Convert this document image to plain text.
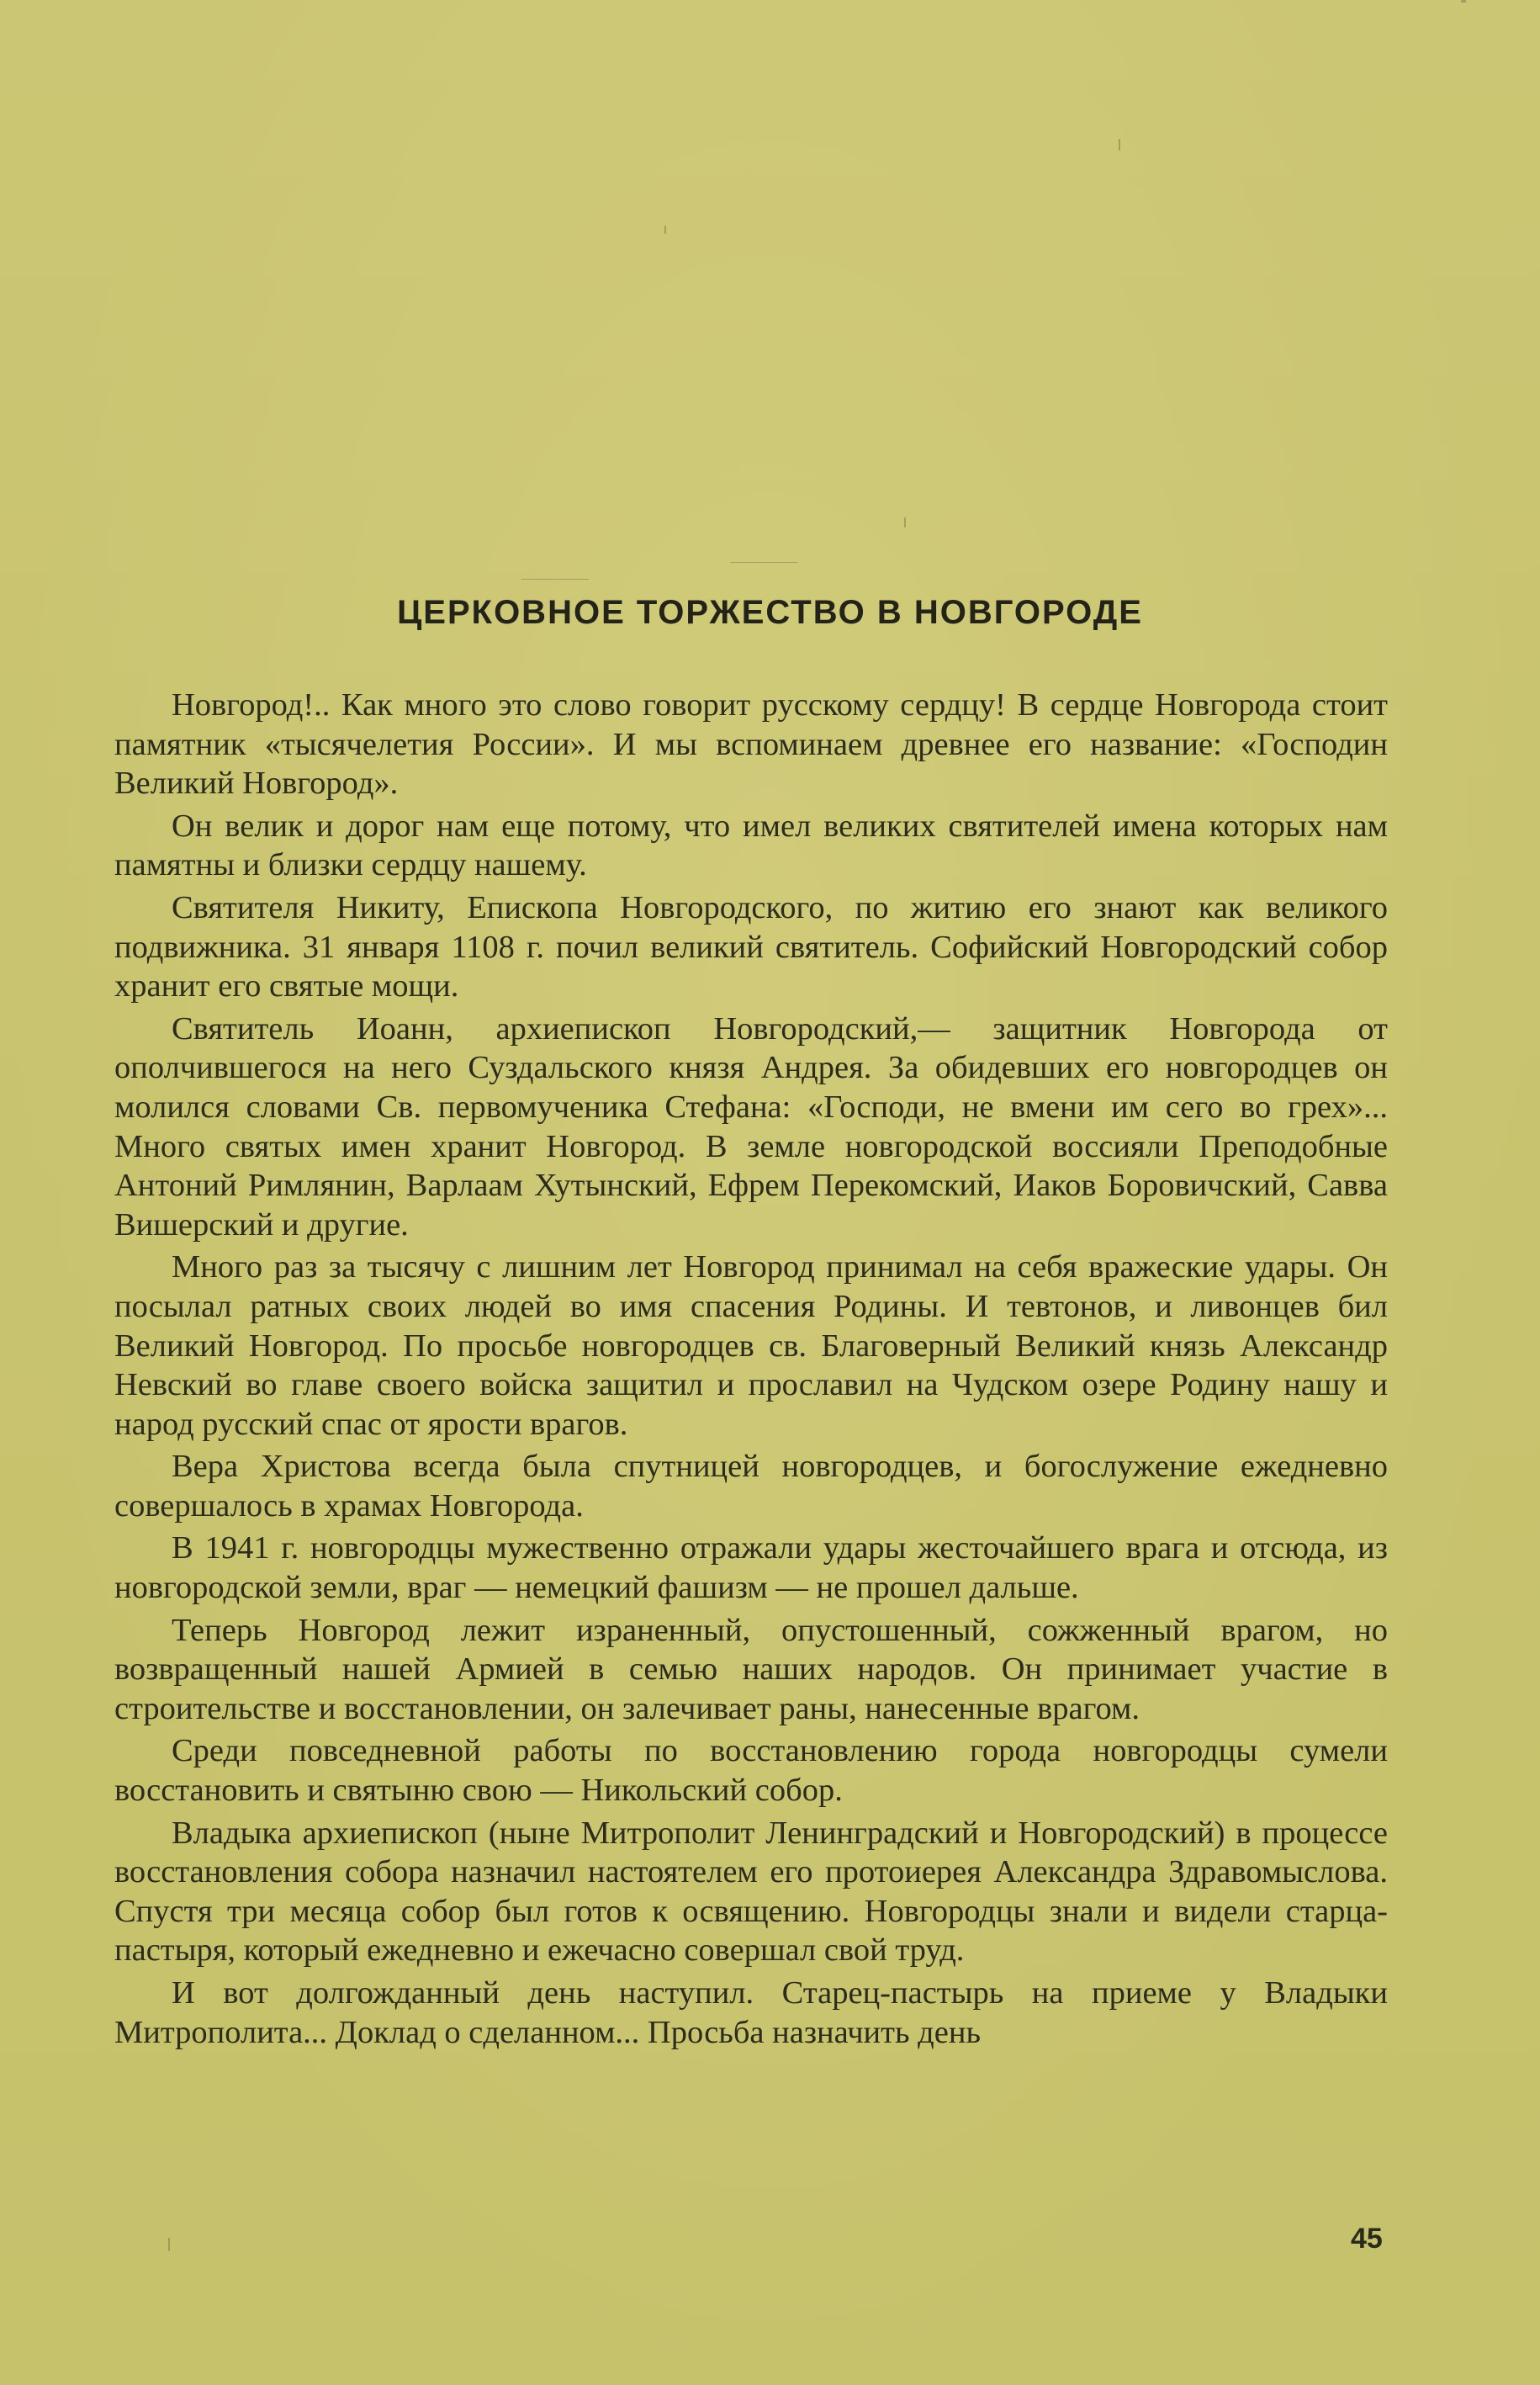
ЦЕРКОВНОЕ ТОРЖЕСТВО В НОВГОРОДЕ

Новгород!.. Как много это слово говорит русскому сердцу! В сердце Новгорода стоит памятник «тысячелетия России». И мы вспоминаем древнее его название: «Господин Великий Новгород».

Он велик и дорог нам еще потому, что имел великих святителей имена которых нам памятны и близки сердцу нашему.

Святителя Никиту, Епископа Новгородского, по житию его знают как великого подвижника. 31 января 1108 г. почил великий святитель. Софийский Новгородский собор хранит его святые мощи.

Святитель Иоанн, архиепископ Новгородский,— защитник Новгорода от ополчившегося на него Суздальского князя Андрея. За обидевших его новгородцев он молился словами Св. первомученика Стефана: «Господи, не вмени им сего во грех»... Много святых имен хранит Новгород. В земле новгородской воссияли Преподобные Антоний Римлянин, Варлаам Хутынский, Ефрем Перекомский, Иаков Боровичский, Савва Вишерский и другие.

Много раз за тысячу с лишним лет Новгород принимал на себя вражеские удары. Он посылал ратных своих людей во имя спасения Родины. И тевтонов, и ливонцев бил Великий Новгород. По просьбе новгородцев св. Благоверный Великий князь Александр Невский во главе своего войска защитил и прославил на Чудском озере Родину нашу и народ русский спас от ярости врагов.

Вера Христова всегда была спутницей новгородцев, и богослужение ежедневно совершалось в храмах Новгорода.

В 1941 г. новгородцы мужественно отражали удары жесточайшего врага и отсюда, из новгородской земли, враг — немецкий фашизм — не прошел дальше.

Теперь Новгород лежит израненный, опустошенный, сожженный врагом, но возвращенный нашей Армией в семью наших народов. Он принимает участие в строительстве и восстановлении, он залечивает раны, нанесенные врагом.

Среди повседневной работы по восстановлению города новгородцы сумели восстановить и святыню свою — Никольский собор.

Владыка архиепископ (ныне Митрополит Ленинградский и Новгородский) в процессе восстановления собора назначил настоятелем его протоиерея Александра Здравомыслова. Спустя три месяца собор был готов к освящению. Новгородцы знали и видели старца-пастыря, который ежедневно и ежечасно совершал свой труд.

И вот долгожданный день наступил. Старец-пастырь на приеме у Владыки Митрополита... Доклад о сделанном... Просьба назначить день

45
